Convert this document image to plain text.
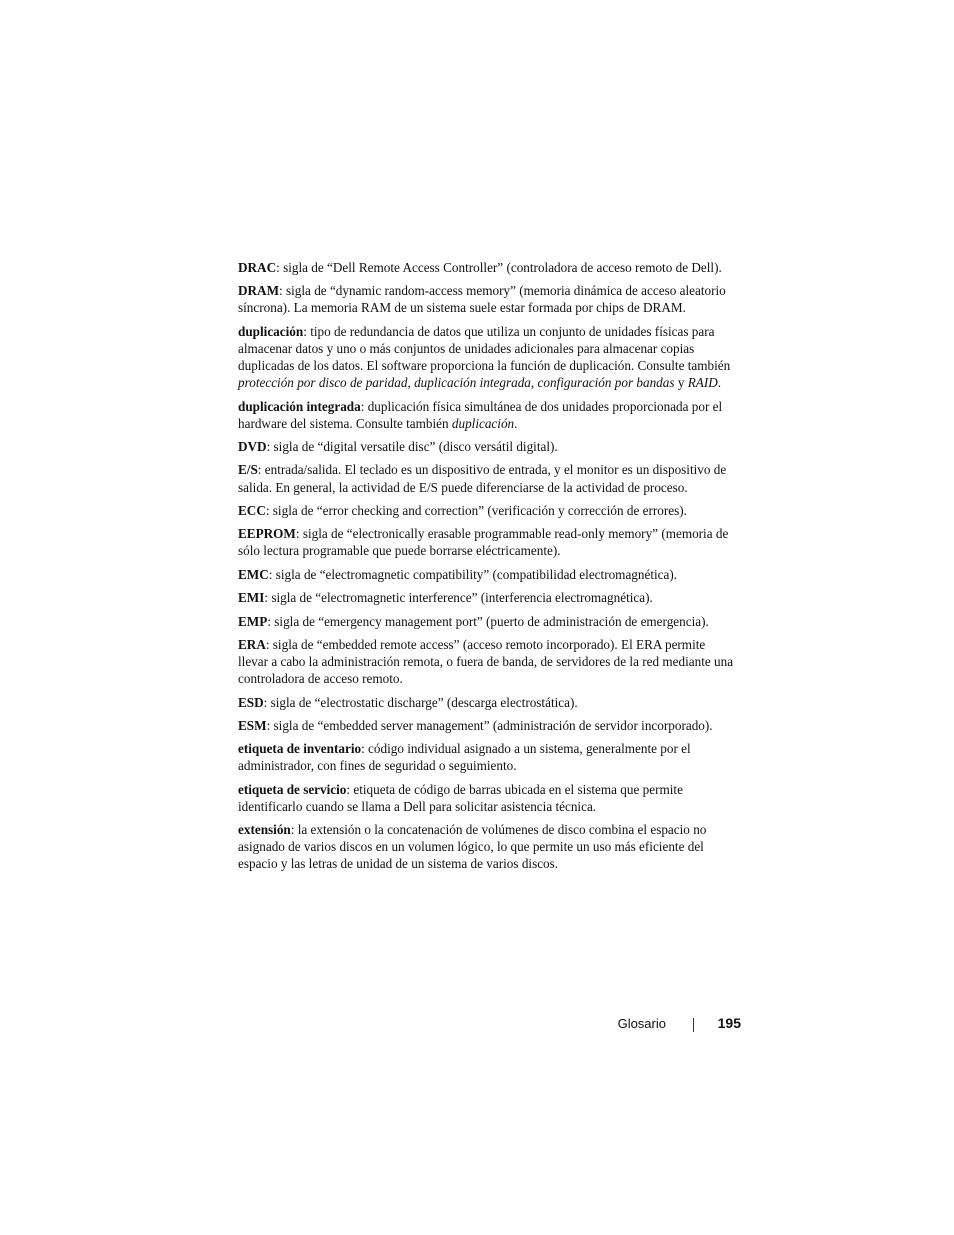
DRAC: sigla de “Dell Remote Access Controller” (controladora de acceso remoto de Dell).

DRAM: sigla de “dynamic random-access memory” (memoria dinámica de acceso aleatorio síncrona). La memoria RAM de un sistema suele estar formada por chips de DRAM.

duplicación: tipo de redundancia de datos que utiliza un conjunto de unidades físicas para almacenar datos y uno o más conjuntos de unidades adicionales para almacenar copias duplicadas de los datos. El software proporciona la función de duplicación. Consulte también protección por disco de paridad, duplicación integrada, configuración por bandas y RAID.

duplicación integrada: duplicación física simultánea de dos unidades proporcionada por el hardware del sistema. Consulte también duplicación.

DVD: sigla de “digital versatile disc” (disco versátil digital).

E/S: entrada/salida. El teclado es un dispositivo de entrada, y el monitor es un dispositivo de salida. En general, la actividad de E/S puede diferenciarse de la actividad de proceso.

ECC: sigla de “error checking and correction” (verificación y corrección de errores).

EEPROM: sigla de “electronically erasable programmable read-only memory” (memoria de sólo lectura programable que puede borrarse eléctricamente).

EMC: sigla de “electromagnetic compatibility” (compatibilidad electromagnética).

EMI: sigla de “electromagnetic interference” (interferencia electromagnética).

EMP: sigla de “emergency management port” (puerto de administración de emergencia).

ERA: sigla de “embedded remote access” (acceso remoto incorporado). El ERA permite llevar a cabo la administración remota, o fuera de banda, de servidores de la red mediante una controladora de acceso remoto.

ESD: sigla de “electrostatic discharge” (descarga electrostática).

ESM: sigla de “embedded server management” (administración de servidor incorporado).

etiqueta de inventario: código individual asignado a un sistema, generalmente por el administrador, con fines de seguridad o seguimiento.

etiqueta de servicio: etiqueta de código de barras ubicada en el sistema que permite identificarlo cuando se llama a Dell para solicitar asistencia técnica.

extensión: la extensión o la concatenación de volúmenes de disco combina el espacio no asignado de varios discos en un volumen lógico, lo que permite un uso más eficiente del espacio y las letras de unidad de un sistema de varios discos.

Glosario	195
